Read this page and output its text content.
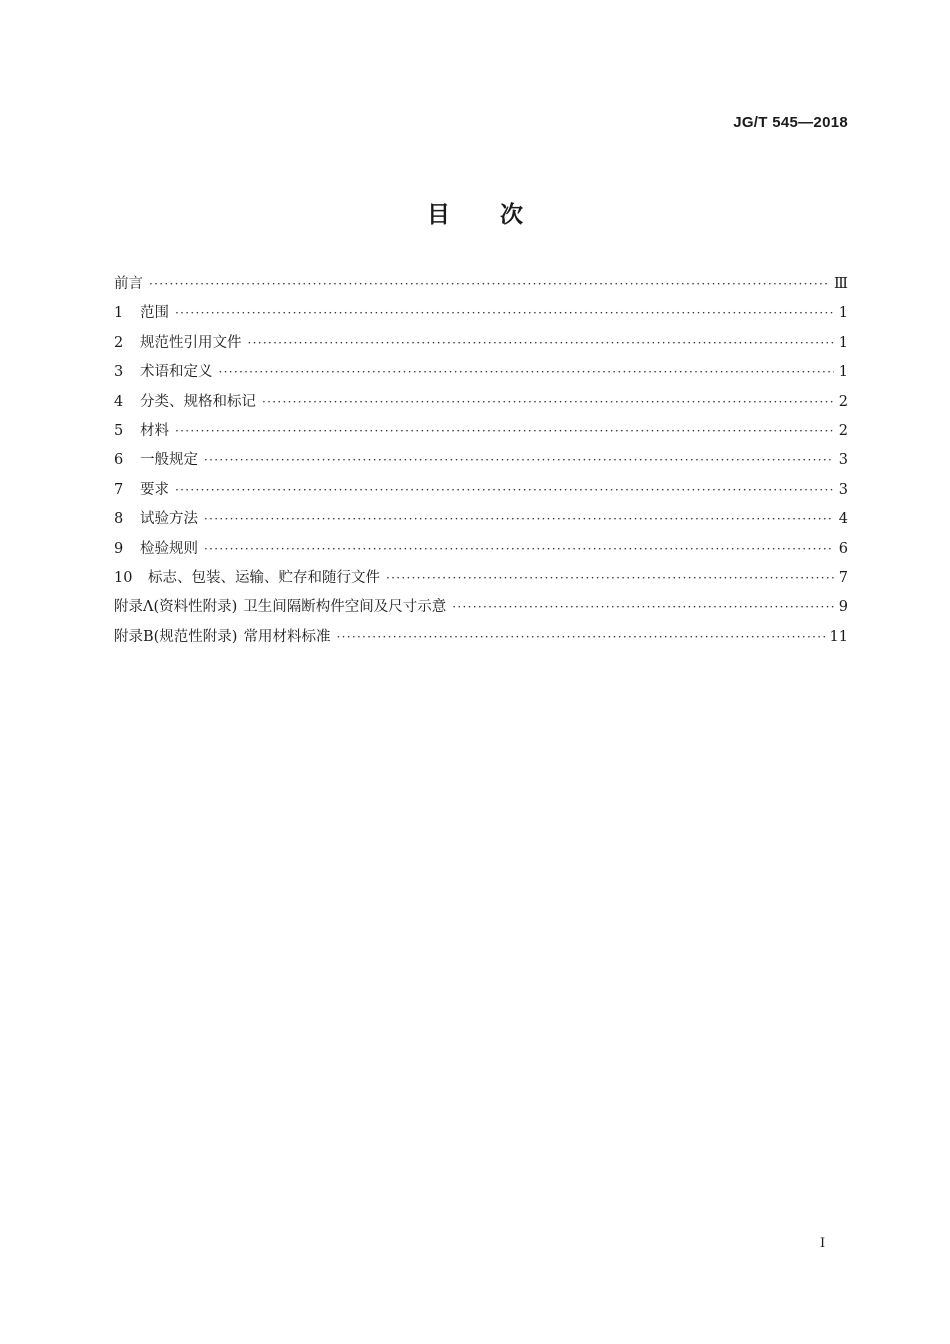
JG/T 545—2018
目次
前言 ·····	Ⅲ
1	范围 ·····	1
2	规范性引用文件 ·····	1
3	术语和定义 ·····	1
4	分类、规格和标记 ·····	2
5	材料 ·····	2
6	一般规定 ·····	3
7	要求 ·····	3
8	试验方法 ·····	4
9	检验规则 ·····	6
10	标志、包装、运输、贮存和随行文件 ·····	7
附录Λ(资料性附录) 卫生间隔断构件空间及尺寸示意 ·····	9
附录B(规范性附录) 常用材料标准 ·····	11
Ⅰ
